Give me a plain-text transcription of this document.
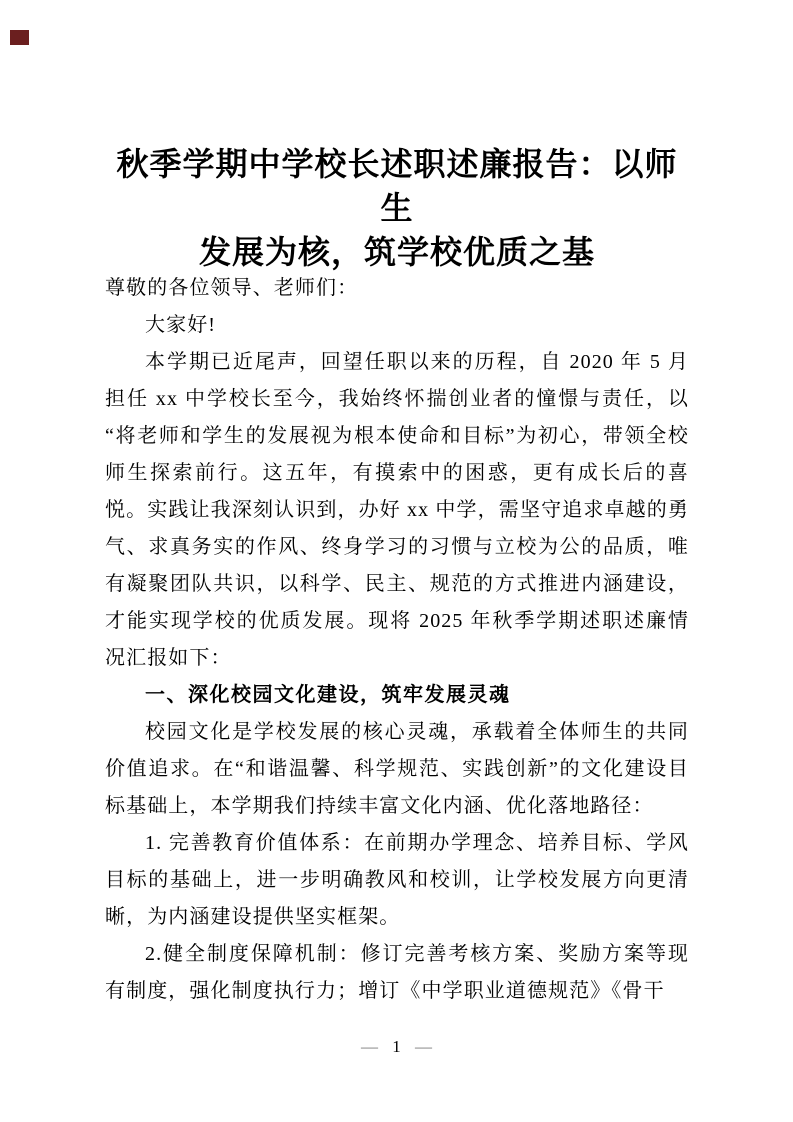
秋季学期中学校长述职述廉报告：以师生
发展为核，筑学校优质之基

尊敬的各位领导、老师们：

大家好!

本学期已近尾声，回望任职以来的历程，自 2020 年 5 月担任 xx 中学校长至今，我始终怀揣创业者的憧憬与责任，以“将老师和学生的发展视为根本使命和目标”为初心，带领全校师生探索前行。这五年，有摸索中的困惑，更有成长后的喜悦。实践让我深刻认识到，办好 xx 中学，需坚守追求卓越的勇气、求真务实的作风、终身学习的习惯与立校为公的品质，唯有凝聚团队共识，以科学、民主、规范的方式推进内涵建设，才能实现学校的优质发展。现将 2025 年秋季学期述职述廉情况汇报如下：

一、深化校园文化建设，筑牢发展灵魂

校园文化是学校发展的核心灵魂，承载着全体师生的共同价值追求。在“和谐温馨、科学规范、实践创新”的文化建设目标基础上，本学期我们持续丰富文化内涵、优化落地路径：

1. 完善教育价值体系：在前期办学理念、培养目标、学风目标的基础上，进一步明确教风和校训，让学校发展方向更清晰，为内涵建设提供坚实框架。

2.健全制度保障机制：修订完善考核方案、奖励方案等现有制度，强化制度执行力；增订《中学职业道德规范》《骨干

— 1 —
